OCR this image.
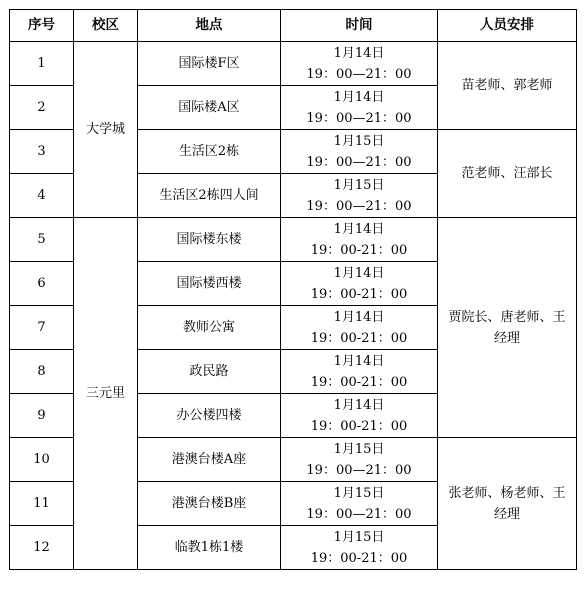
序号	校区	地点	时间	人员安排
1	大学城	国际楼F区	1月14日
19：00—21：00	苗老师、郭老师
2		国际楼A区	1月14日
19：00—21：00	

3		生活区2栋	1月15日
19：00—21：00	范老师、汪部长
4		生活区2栋四人间	1月15日
19：00—21：00	

5	三元里	国际楼东楼	1月14日
19：00-21：00	贾院长、唐老师、王
经理

6		国际楼西楼	1月14日
19：00-21：00	

7		教师公寓	1月14日
19：00-21：00	

8		政民路	1月14日
19：00-21：00	

9		办公楼四楼	1月14日
19：00-21：00	

10		港澳台楼A座	1月15日
19：00—21：00	张老师、杨老师、王
经理

11		港澳台楼B座	1月15日
19：00—21：00	

12		临教1栋1楼	1月15日
19：00-21：00	
